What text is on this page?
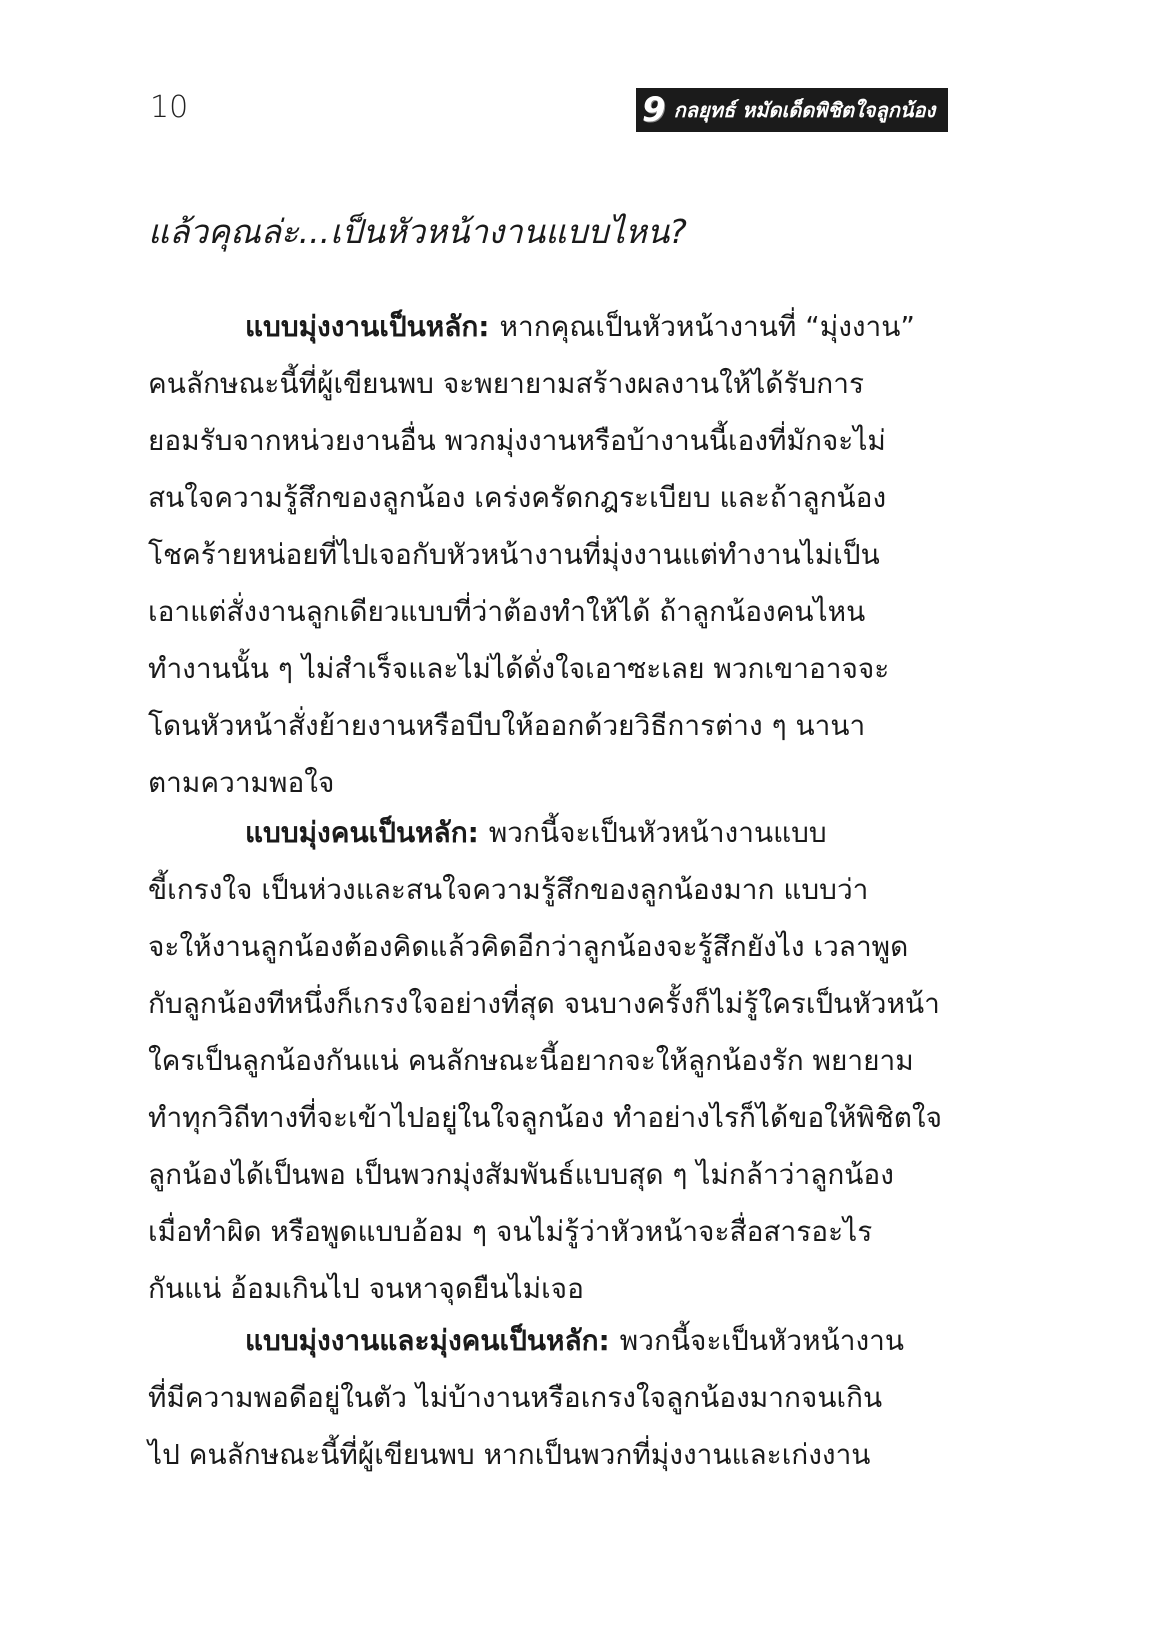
10	9 กลยุทธ์ หมัดเด็ดพิชิตใจลูกน้อง
แล้วคุณล่ะ...เป็นหัวหน้างานแบบไหน?
แบบมุ่งงานเป็นหลัก: หากคุณเป็นหัวหน้างานที่ “มุ่งงาน”
คนลักษณะนี้ที่ผู้เขียนพบ จะพยายามสร้างผลงานให้ได้รับการ
ยอมรับจากหน่วยงานอื่น พวกมุ่งงานหรือบ้างานนี้เองที่มักจะไม่
สนใจความรู้สึกของลูกน้อง เคร่งครัดกฎระเบียบ และถ้าลูกน้อง
โชคร้ายหน่อยที่ไปเจอกับหัวหน้างานที่มุ่งงานแต่ทำงานไม่เป็น
เอาแต่สั่งงานลูกเดียวแบบที่ว่าต้องทำให้ได้ ถ้าลูกน้องคนไหน
ทำงานนั้น ๆ ไม่สำเร็จและไม่ได้ดั่งใจเอาซะเลย พวกเขาอาจจะ
โดนหัวหน้าสั่งย้ายงานหรือบีบให้ออกด้วยวิธีการต่าง ๆ นานา
ตามความพอใจ
แบบมุ่งคนเป็นหลัก: พวกนี้จะเป็นหัวหน้างานแบบ
ขี้เกรงใจ เป็นห่วงและสนใจความรู้สึกของลูกน้องมาก แบบว่า
จะให้งานลูกน้องต้องคิดแล้วคิดอีกว่าลูกน้องจะรู้สึกยังไง เวลาพูด
กับลูกน้องทีหนึ่งก็เกรงใจอย่างที่สุด จนบางครั้งก็ไม่รู้ใครเป็นหัวหน้า
ใครเป็นลูกน้องกันแน่ คนลักษณะนี้อยากจะให้ลูกน้องรัก พยายาม
ทำทุกวิถีทางที่จะเข้าไปอยู่ในใจลูกน้อง ทำอย่างไรก็ได้ขอให้พิชิตใจ
ลูกน้องได้เป็นพอ เป็นพวกมุ่งสัมพันธ์แบบสุด ๆ ไม่กล้าว่าลูกน้อง
เมื่อทำผิด หรือพูดแบบอ้อม ๆ จนไม่รู้ว่าหัวหน้าจะสื่อสารอะไร
กันแน่ อ้อมเกินไป จนหาจุดยืนไม่เจอ
แบบมุ่งงานและมุ่งคนเป็นหลัก: พวกนี้จะเป็นหัวหน้างาน
ที่มีความพอดีอยู่ในตัว ไม่บ้างานหรือเกรงใจลูกน้องมากจนเกิน
ไป คนลักษณะนี้ที่ผู้เขียนพบ หากเป็นพวกที่มุ่งงานและเก่งงาน
